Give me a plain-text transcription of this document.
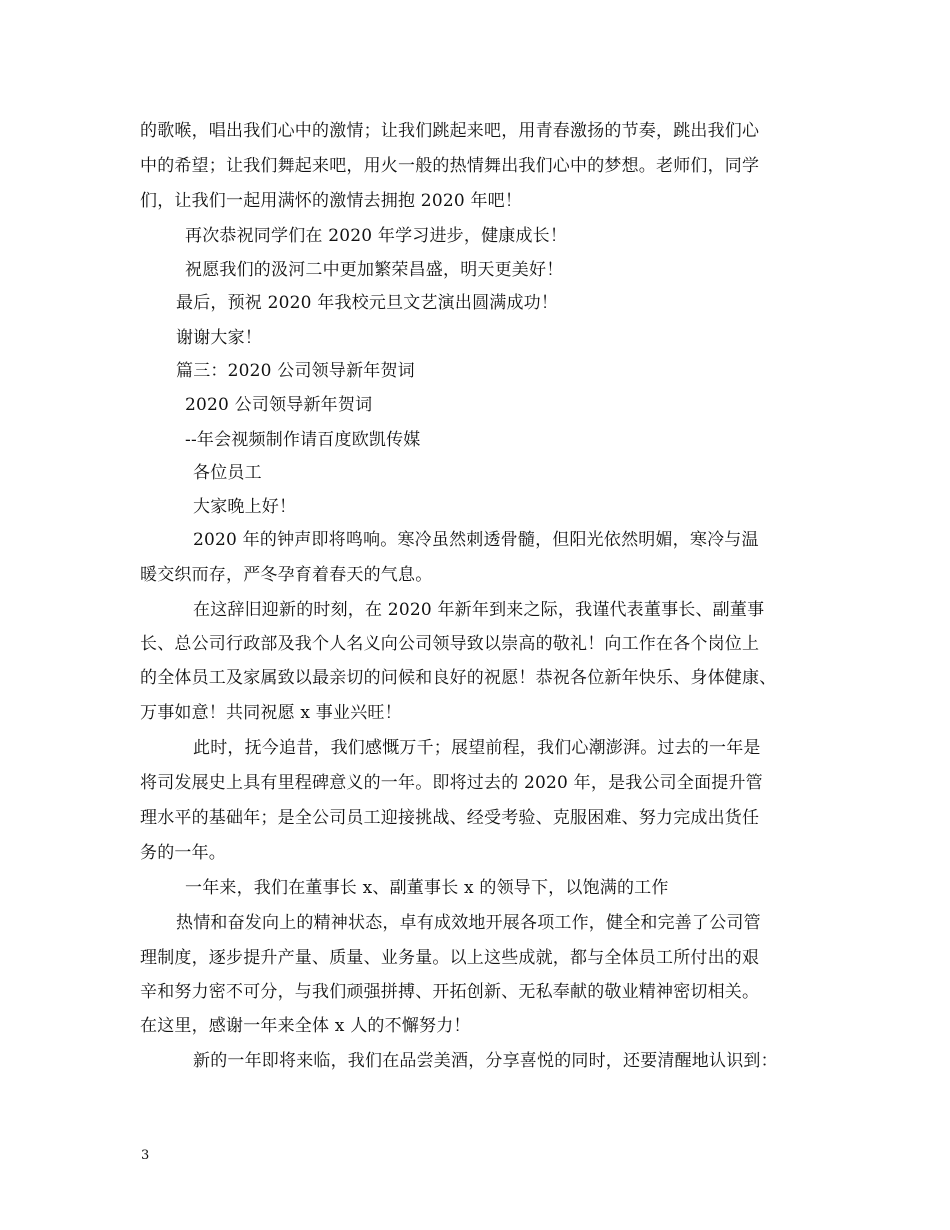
的歌喉，唱出我们心中的激情；让我们跳起来吧，用青春激扬的节奏，跳出我们心
中的希望；让我们舞起来吧，用火一般的热情舞出我们心中的梦想。老师们，同学
们，让我们一起用满怀的激情去拥抱 2020 年吧！
再次恭祝同学们在 2020 年学习进步，健康成长！
祝愿我们的汲河二中更加繁荣昌盛，明天更美好！
最后，预祝 2020 年我校元旦文艺演出圆满成功！
谢谢大家！
篇三：2020 公司领导新年贺词
2020 公司领导新年贺词
--年会视频制作请百度欧凯传媒
各位员工
大家晚上好！
2020 年的钟声即将鸣响。寒冷虽然刺透骨髓，但阳光依然明媚，寒冷与温
暖交织而存，严冬孕育着春天的气息。
在这辞旧迎新的时刻，在 2020 年新年到来之际，我谨代表董事长、副董事
长、总公司行政部及我个人名义向公司领导致以崇高的敬礼！向工作在各个岗位上
的全体员工及家属致以最亲切的问候和良好的祝愿！恭祝各位新年快乐、身体健康、
万事如意！共同祝愿 x 事业兴旺！
此时，抚今追昔，我们感慨万千；展望前程，我们心潮澎湃。过去的一年是
将司发展史上具有里程碑意义的一年。即将过去的 2020 年，是我公司全面提升管
理水平的基础年；是全公司员工迎接挑战、经受考验、克服困难、努力完成出货任
务的一年。
一年来，我们在董事长 x、副董事长 x 的领导下，以饱满的工作
热情和奋发向上的精神状态，卓有成效地开展各项工作，健全和完善了公司管
理制度，逐步提升产量、质量、业务量。以上这些成就，都与全体员工所付出的艰
辛和努力密不可分，与我们顽强拼搏、开拓创新、无私奉献的敬业精神密切相关。
在这里，感谢一年来全体 x 人的不懈努力！
新的一年即将来临，我们在品尝美酒，分享喜悦的同时，还要清醒地认识到：
3
